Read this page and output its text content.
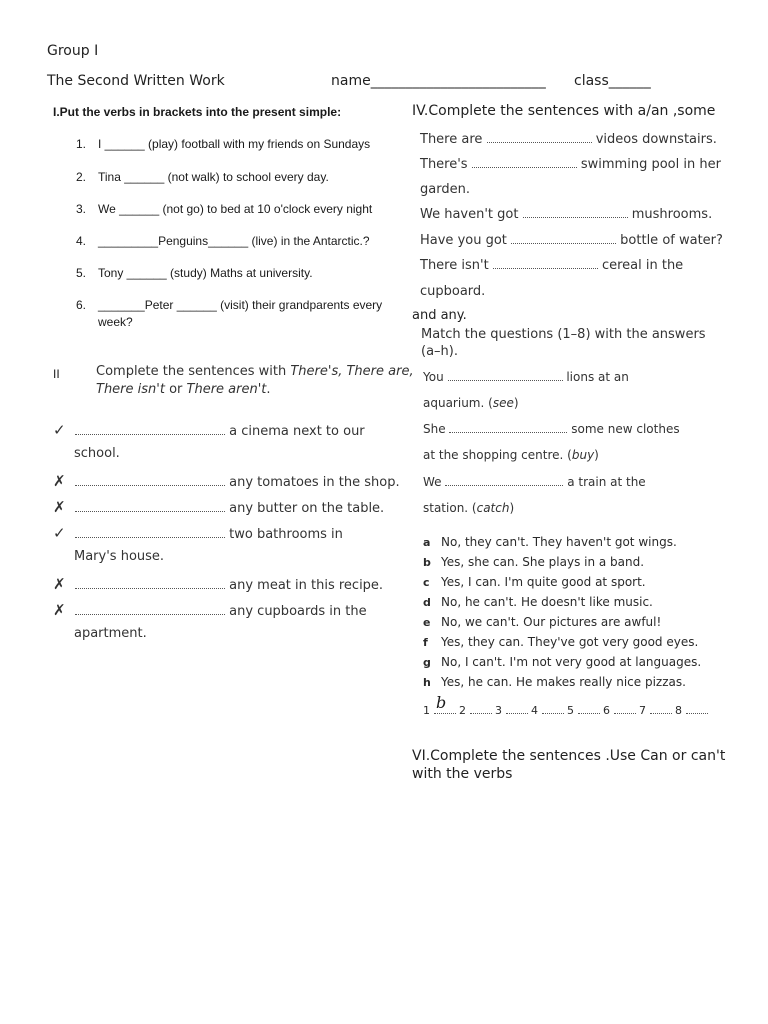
Group I
The Second Written Work	name_________________________ class______
I.Put the verbs in brackets into the present simple:
1. I ______ (play) football with my friends on Sundays
2. Tina ______ (not walk) to school every day.
3. We ______ (not go) to bed at 10 o'clock every night
4. _________Penguins______ (live) in the Antarctic.?
5. Tony ______ (study) Maths at university.
6. _______Peter ______ (visit) their grandparents every
week?
II	Complete the sentences with There's, There are,
There isn't or There aren't.
✓	a cinema next to our
school.
✗	any tomatoes in the shop.
✗	any butter on the table.
✓	two bathrooms in
Mary's house.
✗	any meat in this recipe.
✗	any cupboards in the
apartment.
IV.Complete the sentences with a/an ,some
There are	videos downstairs.
There's	swimming pool in her
garden.
We haven't got	mushrooms.
Have you got	bottle of water?
There isn't	cereal in the
cupboard.
and any.
Match the questions (1–8) with the answers
(a–h).
You	lions at an
aquarium. (see)
She	some new clothes
at the shopping centre. (buy)
We	a train at the
station. (catch)
a No, they can't. They haven't got wings.
b Yes, she can. She plays in a band.
c Yes, I can. I'm quite good at sport.
d No, he can't. He doesn't like music.
e No, we can't. Our pictures are awful!
f Yes, they can. They've got very good eyes.
g No, I can't. I'm not very good at languages.
h Yes, he can. He makes really nice pizzas.
1	2	3	4	5	6	7	8
b
VI.Complete the sentences .Use Can or can't
with the verbs
